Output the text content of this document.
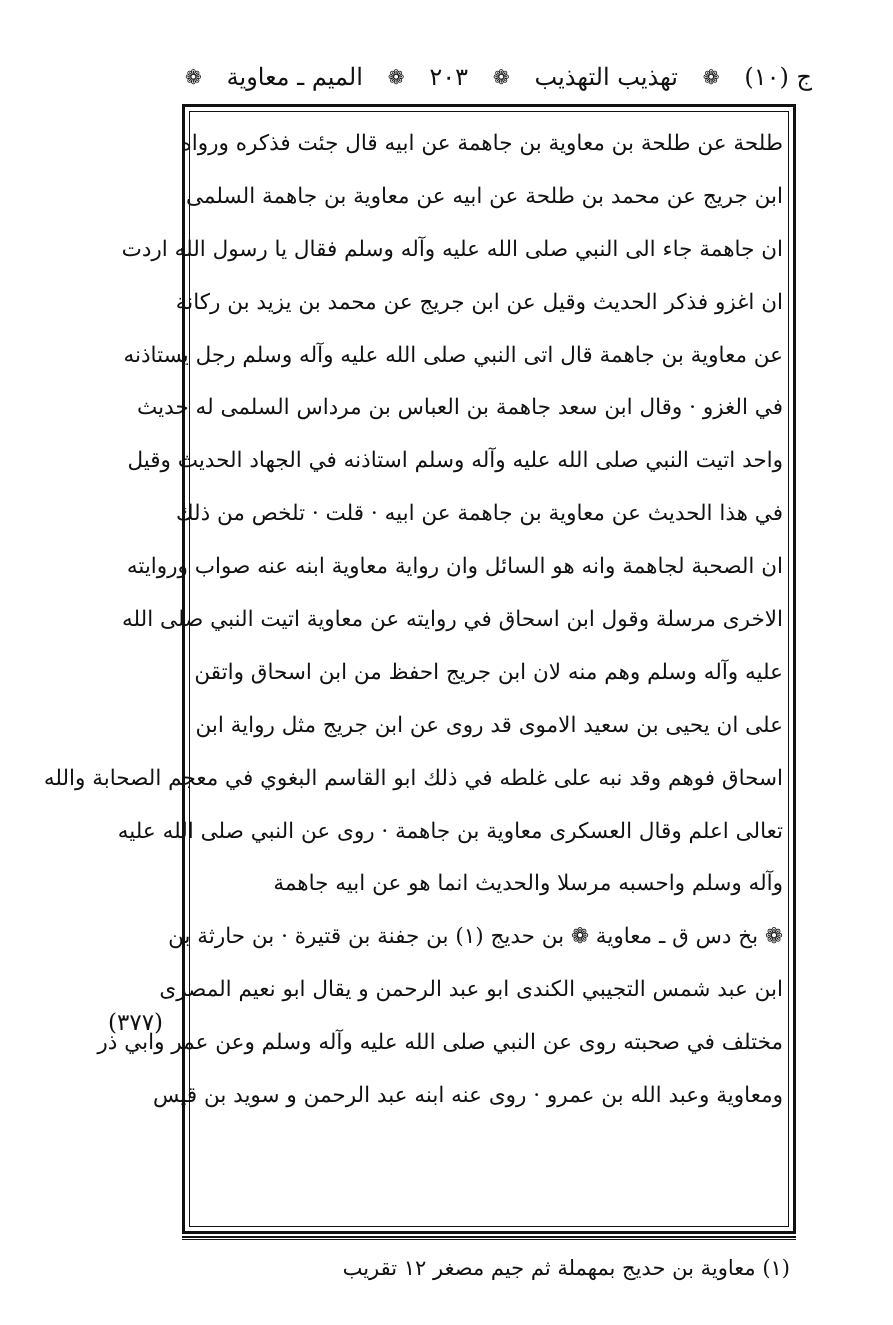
ج (١٠)
❁
تهذيب التهذيب
❁
٢٠٣
❁
الميم ـ معاوية
❁
طلحة عن طلحة بن معاوية بن جاهمة عن ابيه قال جئت فذكره ورواه
ابن جريج عن محمد بن طلحة عن ابيه عن معاوية بن جاهمة السلمى
ان جاهمة جاء الى النبي صلى الله عليه وآله وسلم فقال يا رسول الله اردت
ان اغزو فذكر الحديث وقيل عن ابن جريج عن محمد بن يزيد بن ركانة
عن معاوية بن جاهمة قال اتى النبي صلى الله عليه وآله وسلم رجل يستاذنه
في الغزو · وقال ابن سعد جاهمة بن العباس بن مرداس السلمى له حديث
واحد اتيت النبي صلى الله عليه وآله وسلم استاذنه في الجهاد الحديث وقيل
في هذا الحديث عن معاوية بن جاهمة عن ابيه · قلت · تلخص من ذلك
ان الصحبة لجاهمة وانه هو السائل وان رواية معاوية ابنه عنه صواب وروايته
الاخرى مرسلة وقول ابن اسحاق في روايته عن معاوية اتيت النبي صلى الله
عليه وآله وسلم وهم منه لان ابن جريج احفظ من ابن اسحاق واتقن
على ان يحيى بن سعيد الاموى قد روى عن ابن جريج مثل رواية ابن
اسحاق فوهم وقد نبه على غلطه في ذلك ابو القاسم البغوي في معجم الصحابة والله
تعالى اعلم وقال العسكرى معاوية بن جاهمة · روى عن النبي صلى الله عليه
وآله وسلم واحسبه مرسلا والحديث انما هو عن ابيه جاهمة
❁ بخ دس ق ـ معاوية ❁ بن حديج (١) بن جفنة بن قتيرة · بن حارثة بن
ابن عبد شمس التجيبي الكندى ابو عبد الرحمن و يقال ابو نعيم المصرى
مختلف في صحبته روى عن النبي صلى الله عليه وآله وسلم وعن عمر وابي ذر
ومعاوية وعبد الله بن عمرو · روى عنه ابنه عبد الرحمن و سويد بن قيس
(٣٧٧)
(١) معاوية بن حديج بمهملة ثم جيم مصغر ١٢ تقريب
